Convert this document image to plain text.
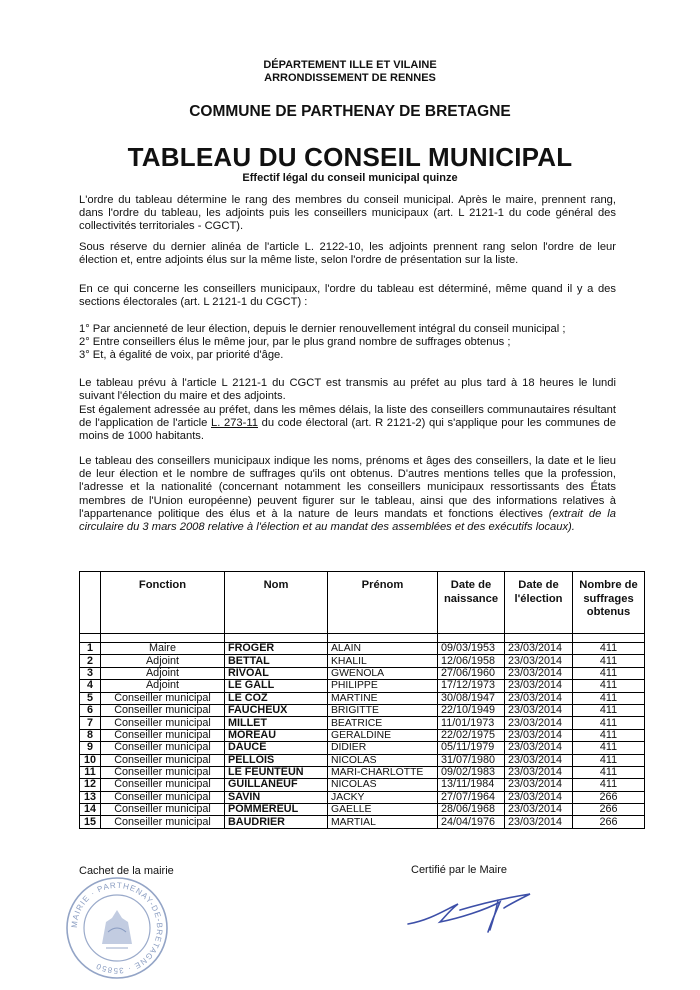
DÉPARTEMENT ILLE ET VILAINE
ARRONDISSEMENT DE RENNES
COMMUNE DE PARTHENAY DE BRETAGNE
TABLEAU DU CONSEIL MUNICIPAL
Effectif légal du conseil municipal quinze

L'ordre du tableau détermine le rang des membres du conseil municipal. Après le maire, prennent rang, dans l'ordre du tableau, les adjoints puis les conseillers municipaux (art. L 2121-1 du code général des collectivités territoriales - CGCT).

Sous réserve du dernier alinéa de l'article L. 2122-10, les adjoints prennent rang selon l'ordre de leur élection et, entre adjoints élus sur la même liste, selon l'ordre de présentation sur la liste.

En ce qui concerne les conseillers municipaux, l'ordre du tableau est déterminé, même quand il y a des sections électorales (art. L 2121-1 du CGCT) :

1° Par ancienneté de leur élection, depuis le dernier renouvellement intégral du conseil municipal ;

2° Entre conseillers élus le même jour, par le plus grand nombre de suffrages obtenus ;

3° Et, à égalité de voix, par priorité d'âge.

Le tableau prévu à l'article L 2121-1 du CGCT est transmis au préfet au plus tard à 18 heures le lundi suivant l'élection du maire et des adjoints.

Est également adressée au préfet, dans les mêmes délais, la liste des conseillers communautaires résultant de l'application de l'article L. 273-11 du code électoral (art. R 2121-2) qui s'applique pour les communes de moins de 1000 habitants.

Le tableau des conseillers municipaux indique les noms, prénoms et âges des conseillers, la date et le lieu de leur élection et le nombre de suffrages qu'ils ont obtenus. D'autres mentions telles que la profession, l'adresse et la nationalité (concernant notamment les conseillers municipaux ressortissants des États membres de l'Union européenne) peuvent figurer sur le tableau, ainsi que des informations relatives à l'appartenance politique des élus et à la nature de leurs mandats et fonctions électives (extrait de la circulaire du 3 mars 2008 relative à l'élection et au mandat des assemblées et des exécutifs locaux).

	Fonction	Nom	Prénom	Date de naissance	Date de l'élection	Nombre de suffrages obtenus

1	Maire	FROGER	ALAIN	09/03/1953	23/03/2014	411
2	Adjoint	BETTAL	KHALIL	12/06/1958	23/03/2014	411
3	Adjoint	RIVOAL	GWENOLA	27/06/1960	23/03/2014	411
4	Adjoint	LE GALL	PHILIPPE	17/12/1973	23/03/2014	411
5	Conseiller municipal	LE COZ	MARTINE	30/08/1947	23/03/2014	411
6	Conseiller municipal	FAUCHEUX	BRIGITTE	22/10/1949	23/03/2014	411
7	Conseiller municipal	MILLET	BEATRICE	11/01/1973	23/03/2014	411
8	Conseiller municipal	MOREAU	GERALDINE	22/02/1975	23/03/2014	411
9	Conseiller municipal	DAUCE	DIDIER	05/11/1979	23/03/2014	411
10	Conseiller municipal	PELLOIS	NICOLAS	31/07/1980	23/03/2014	411
11	Conseiller municipal	LE FEUNTEUN	MARI-CHARLOTTE	09/02/1983	23/03/2014	411
12	Conseiller municipal	GUILLANEUF	NICOLAS	13/11/1984	23/03/2014	411
13	Conseiller municipal	SAVIN	JACKY	27/07/1964	23/03/2014	266
14	Conseiller municipal	POMMEREUL	GAELLE	28/06/1968	23/03/2014	266
15	Conseiller municipal	BAUDRIER	MARTIAL	24/04/1976	23/03/2014	266
Cachet de la mairie	Certifié par le Maire
MAIRIE · PARTHENAY-DE-BRETAGNE · 35850
